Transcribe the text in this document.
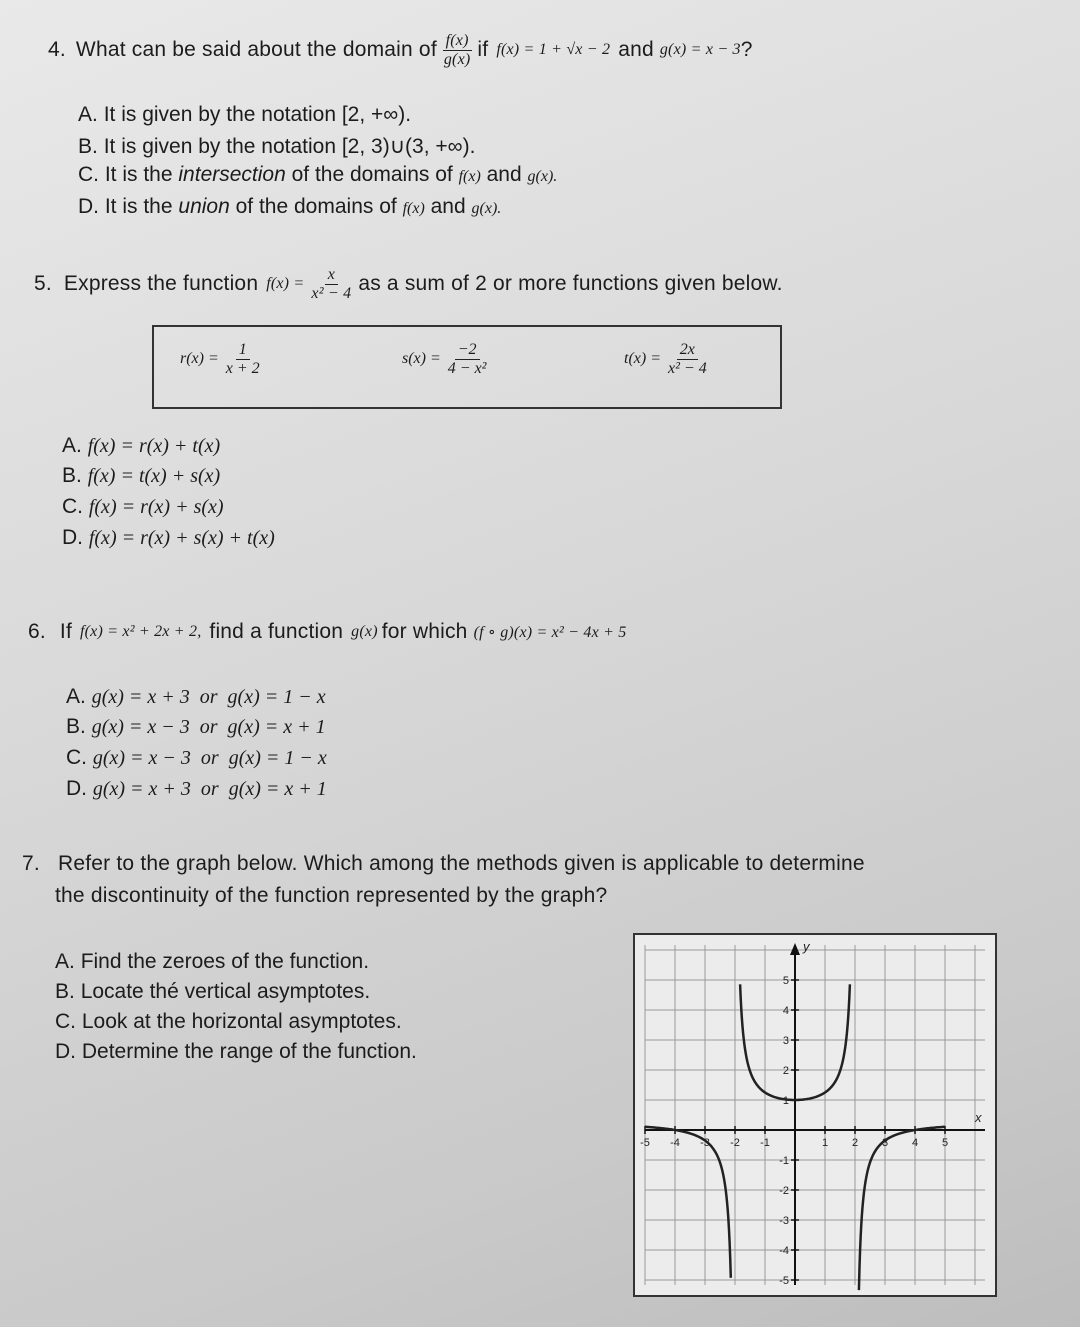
4. What can be said about the domain of $\frac{f(x)}{g(x)}$ if f(x) = 1 + √x − 2 and g(x) = x − 3 ?
A. It is given by the notation [2, +∞).
B. It is given by the notation [2, 3)∪(3, +∞).
C. It is the intersection of the domains of f(x) and g(x).
D. It is the union of the domains of f(x) and g(x).
5. Express the function $f(x) = \frac{x}{\text{x² − 4}}$ as a sum of 2 or more functions given below.
$r(x) = \frac{1}{x + 2}$	$s(x) = \frac{-2}{\text{4 − x²}}$	$t(x) = \frac{2x}{\text{x² − 4}}$
A. f(x) = r(x) + t(x)
B. f(x) = t(x) + s(x)
C. f(x) = r(x) + s(x)
D. f(x) = r(x) + s(x) + t(x)
6. If f(x) = x² + 2x + 2, find a function g(x) for which (f ∘ g)(x) = x² − 4x + 5
A. g(x) = x + 3  or  g(x) = 1 − x
B. g(x) = x − 3  or  g(x) = x + 1
C. g(x) = x − 3  or  g(x) = 1 − x
D. g(x) = x + 3  or  g(x) = x + 1
7. Refer to the graph below. Which among the methods given is applicable to determine
the discontinuity of the function represented by the graph?
A. Find the zeroes of the function.
B. Locate thé vertical asymptotes.
C. Look at the horizontal asymptotes.
D. Determine the range of the function.
-5 -4 -3 -2 -1	1 2 3 4 5
5
4
3
2
1
-1
-2
-3
-4
-5
x
y
